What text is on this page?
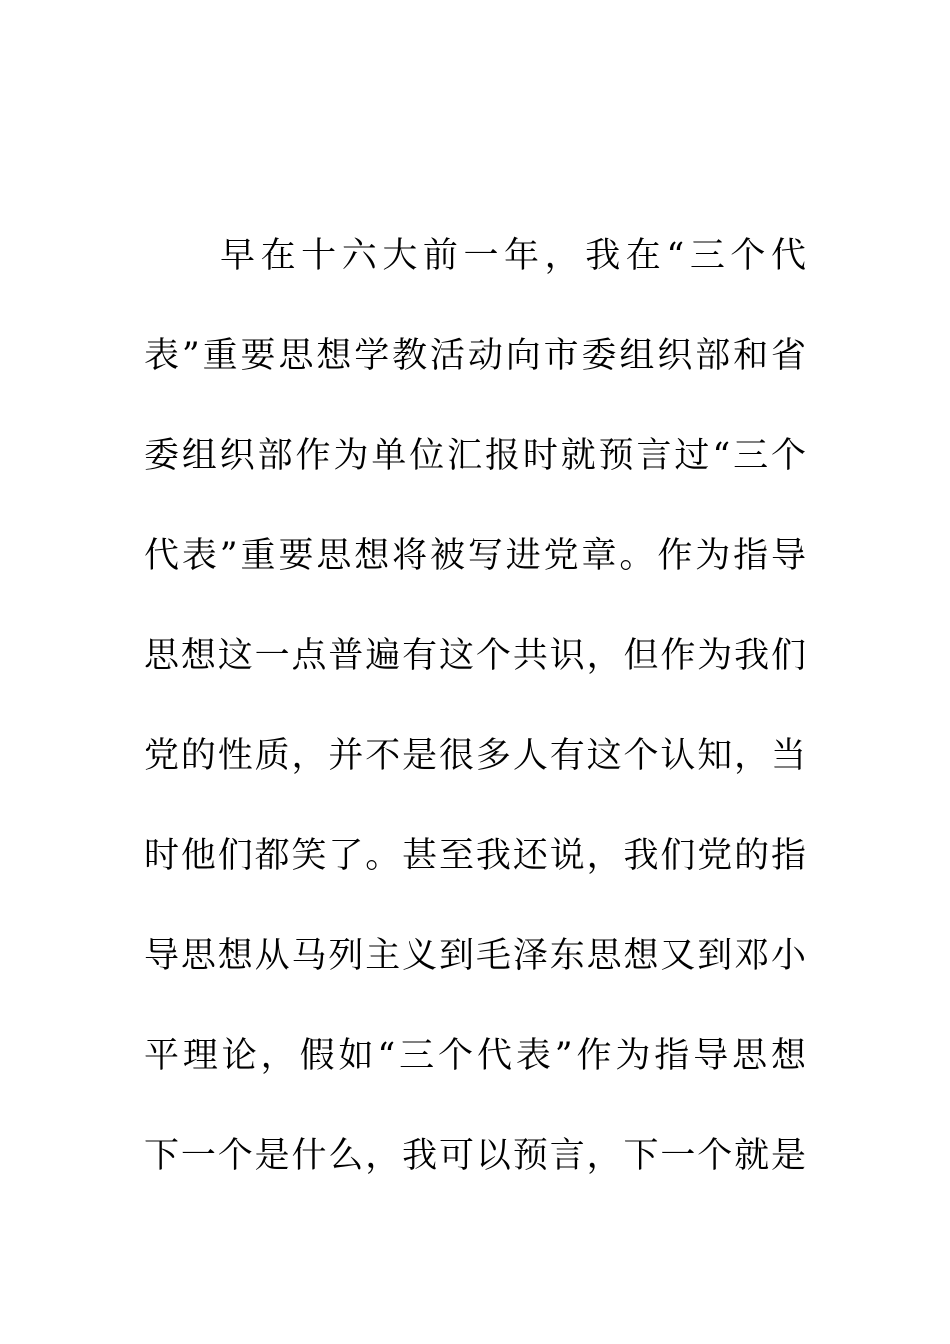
早在十六大前一年，我在“三个代
表”重要思想学教活动向市委组织部和省
委组织部作为单位汇报时就预言过“三个
代表”重要思想将被写进党章。作为指导
思想这一点普遍有这个共识，但作为我们
党的性质，并不是很多人有这个认知，当
时他们都笑了。甚至我还说，我们党的指
导思想从马列主义到毛泽东思想又到邓小
平理论，假如“三个代表”作为指导思想
下一个是什么，我可以预言，下一个就是
